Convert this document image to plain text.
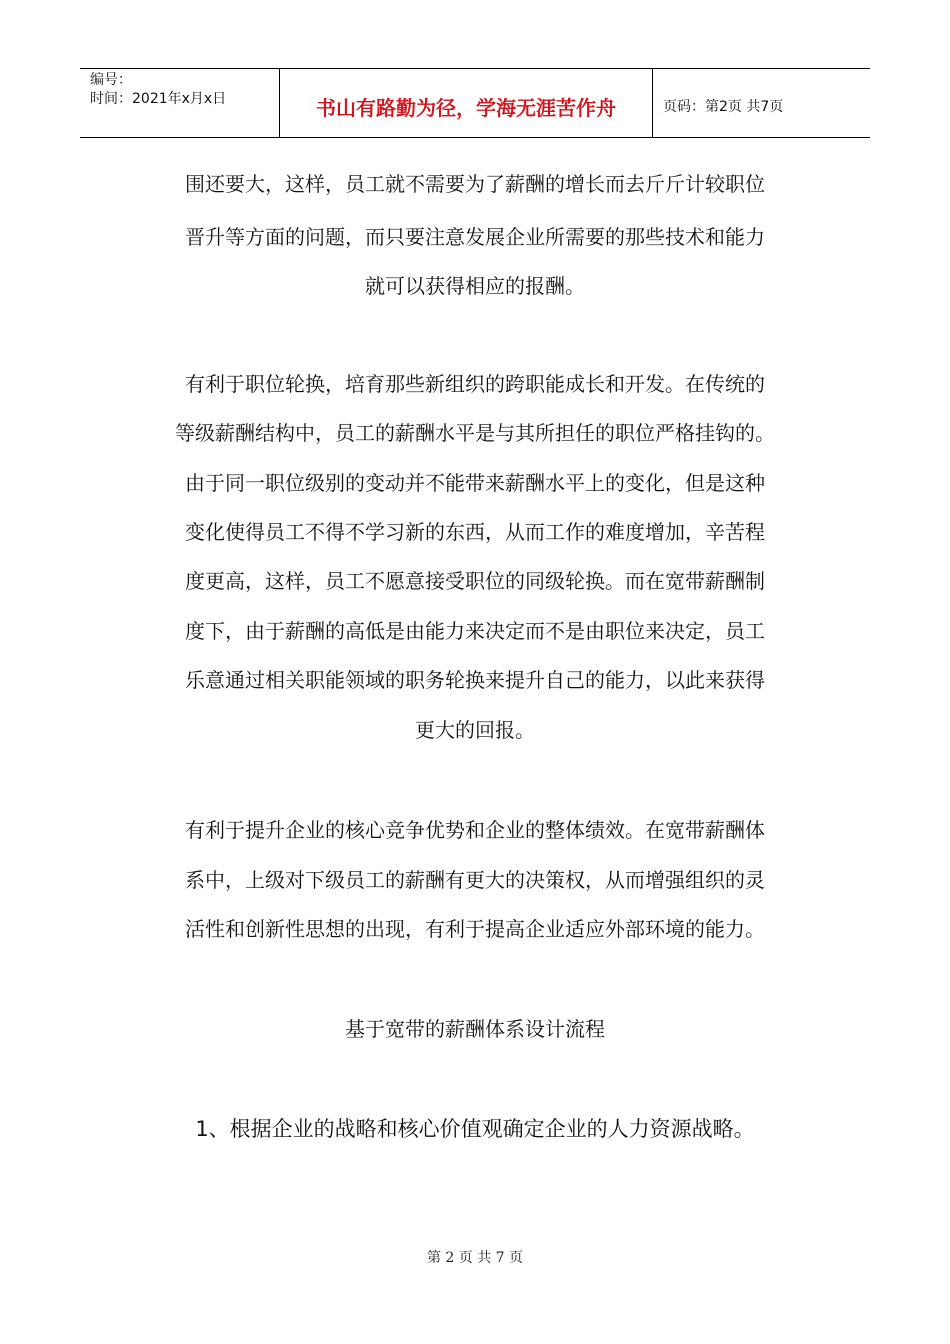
编号：
时间：2021年x月x日	书山有路勤为径，学海无涯苦作舟	页码：第2页 共7页
围还要大，这样，员工就不需要为了薪酬的增长而去斤斤计较职位
晋升等方面的问题，而只要注意发展企业所需要的那些技术和能力
就可以获得相应的报酬。
有利于职位轮换，培育那些新组织的跨职能成长和开发。在传统的
等级薪酬结构中，员工的薪酬水平是与其所担任的职位严格挂钩的。
由于同一职位级别的变动并不能带来薪酬水平上的变化，但是这种
变化使得员工不得不学习新的东西，从而工作的难度增加，辛苦程
度更高，这样，员工不愿意接受职位的同级轮换。而在宽带薪酬制
度下，由于薪酬的高低是由能力来决定而不是由职位来决定，员工
乐意通过相关职能领域的职务轮换来提升自己的能力，以此来获得
更大的回报。
有利于提升企业的核心竞争优势和企业的整体绩效。在宽带薪酬体
系中，上级对下级员工的薪酬有更大的决策权，从而增强组织的灵
活性和创新性思想的出现，有利于提高企业适应外部环境的能力。
基于宽带的薪酬体系设计流程
1、根据企业的战略和核心价值观确定企业的人力资源战略。
第 2 页 共 7 页
